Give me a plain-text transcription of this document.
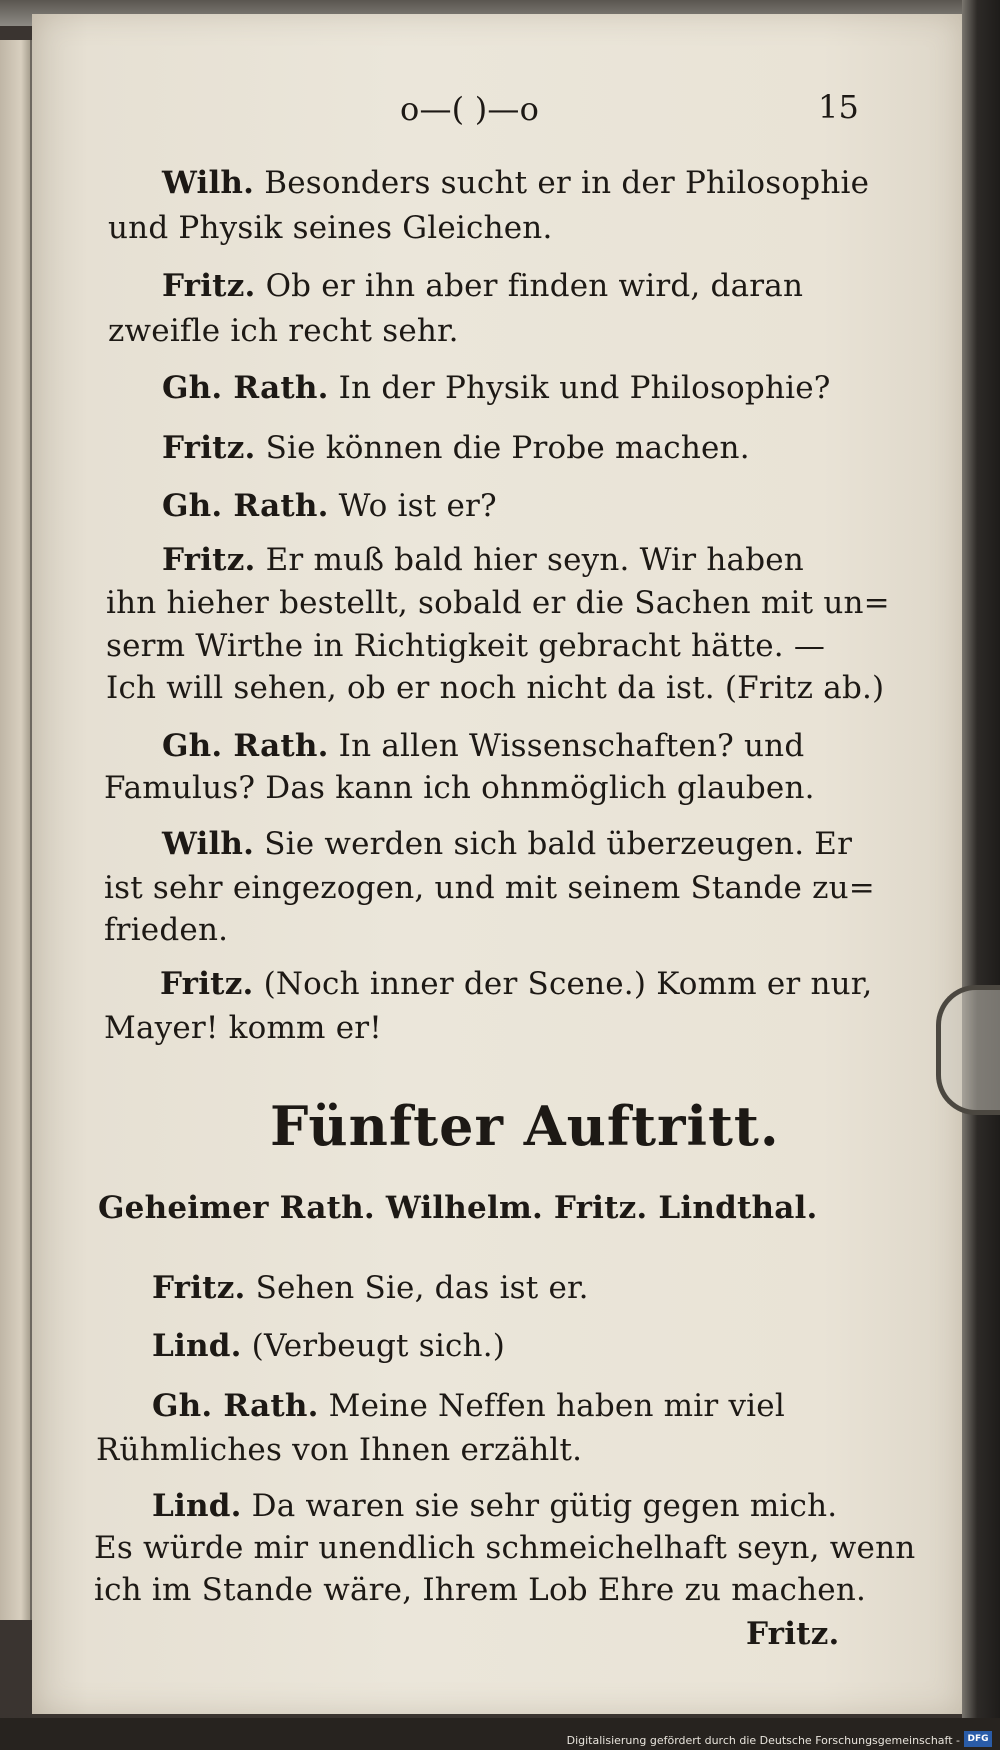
o—( )—o	15
Wilh. Besonders sucht er in der Philosophie
und Physik seines Gleichen.
Fritz. Ob er ihn aber finden wird, daran
zweifle ich recht sehr.
Gh. Rath. In der Physik und Philosophie?
Fritz. Sie können die Probe machen.
Gh. Rath. Wo ist er?
Fritz. Er muß bald hier seyn. Wir haben
ihn hieher bestellt, sobald er die Sachen mit un=
serm Wirthe in Richtigkeit gebracht hätte. —
Ich will sehen, ob er noch nicht da ist. (Fritz ab.)
Gh. Rath. In allen Wissenschaften? und
Famulus? Das kann ich ohnmöglich glauben.
Wilh. Sie werden sich bald überzeugen. Er
ist sehr eingezogen, und mit seinem Stande zu=
frieden.
Fritz. (Noch inner der Scene.) Komm er nur,
Mayer! komm er!
Fünfter Auftritt.
Geheimer Rath. Wilhelm. Fritz. Lindthal.
Fritz. Sehen Sie, das ist er.
Lind. (Verbeugt sich.)
Gh. Rath. Meine Neffen haben mir viel
Rühmliches von Ihnen erzählt.
Lind. Da waren sie sehr gütig gegen mich.
Es würde mir unendlich schmeichelhaft seyn, wenn
ich im Stande wäre, Ihrem Lob Ehre zu machen.
Fritz.
Digitalisierung gefördert durch die Deutsche Forschungsgemeinschaft - DFG
